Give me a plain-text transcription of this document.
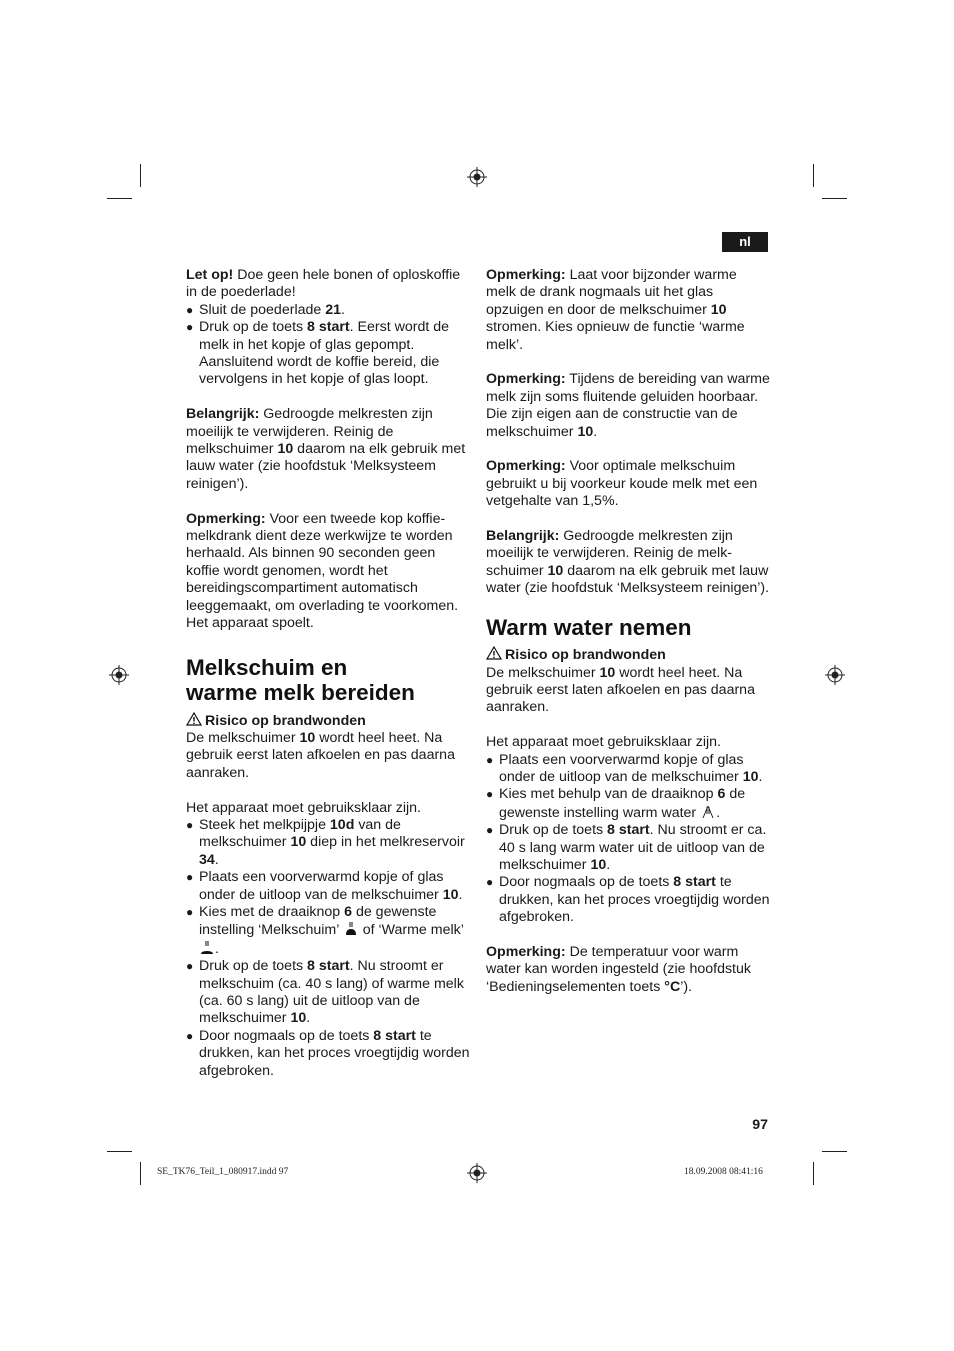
nl

Let op! Doe geen hele bonen of oploskoffie in de poederlade!

● Sluit de poederlade 21.
● Druk op de toets 8 start. Eerst wordt de melk in het kopje of glas gepompt. Aansluitend wordt de koffie bereid, die vervolgens in het kopje of glas loopt.

Belangrijk: Gedroogde melkresten zijn moeilijk te verwijderen. Reinig de melkschuimer 10 daarom na elk gebruik met lauw water (zie hoofdstuk ‘Melksysteem reinigen’).

Opmerking: Voor een tweede kop koffie-melkdrank dient deze werkwijze te worden herhaald. Als binnen 90 seconden geen koffie wordt genomen, wordt het bereidingscompartiment automatisch leeggemaakt, om overlading te voorkomen. Het apparaat spoelt.

Melkschuim en
warme melk bereiden
Risico op brandwonden

De melkschuimer 10 wordt heel heet. Na gebruik eerst laten afkoelen en pas daarna aanraken.

Het apparaat moet gebruiksklaar zijn.

● Steek het melkpijpje 10d van de melkschuimer 10 diep in het melkreservoir 34.
● Plaats een voorverwarmd kopje of glas onder de uitloop van de melkschuimer 10.
● Kies met de draaiknop 6 de gewenste instelling ‘Melkschuim’  of ‘Warme melk’ .
● Druk op de toets 8 start. Nu stroomt er melkschuim (ca. 40 s lang) of warme melk (ca. 60 s lang) uit de uitloop van de melkschuimer 10.
● Door nogmaals op de toets 8 start te drukken, kan het proces vroegtijdig worden afgebroken.

Opmerking: Laat voor bijzonder warme melk de drank nogmaals uit het glas opzuigen en door de melkschuimer 10 stromen. Kies opnieuw de functie ‘warme melk’.

Opmerking: Tijdens de bereiding van warme melk zijn soms fluitende geluiden hoorbaar. Die zijn eigen aan de constructie van de melkschuimer 10.

Opmerking: Voor optimale melkschuim gebruikt u bij voorkeur koude melk met een vetgehalte van 1,5%.

Belangrijk: Gedroogde melkresten zijn moeilijk te verwijderen. Reinig de melk-schuimer 10 daarom na elk gebruik met lauw water (zie hoofdstuk ‘Melksysteem reinigen’).

Warm water nemen
Risico op brandwonden

De melkschuimer 10 wordt heel heet. Na gebruik eerst laten afkoelen en pas daarna aanraken.

Het apparaat moet gebruiksklaar zijn.

● Plaats een voorverwarmd kopje of glas onder de uitloop van de melkschuimer 10.
● Kies met behulp van de draaiknop 6 de gewenste instelling warm water .
● Druk op de toets 8 start. Nu stroomt er ca. 40 s lang warm water uit de uitloop van de melkschuimer 10.
● Door nogmaals op de toets 8 start te drukken, kan het proces vroegtijdig worden afgebroken.

Opmerking: De temperatuur voor warm water kan worden ingesteld (zie hoofdstuk ‘Bedieningselementen toets °C’).

97
SE_TK76_Teil_1_080917.indd 97	18.09.2008 08:41:16
